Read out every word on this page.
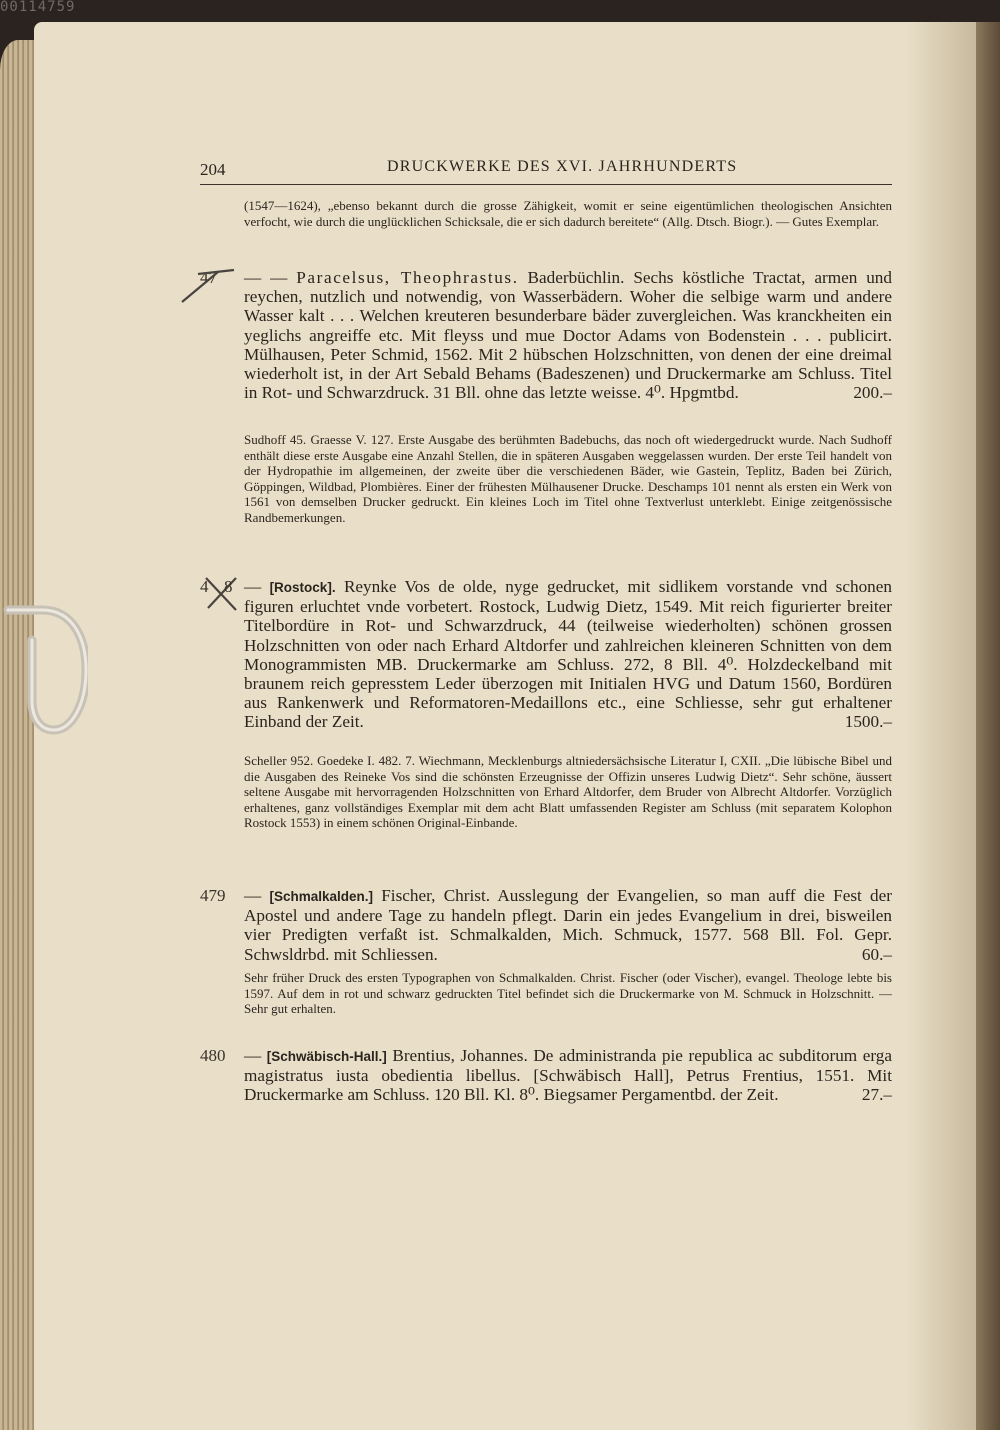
00114759
204	DRUCKWERKE DES XVI. JAHRHUNDERTS
(1547—1624), „ebenso bekannt durch die grosse Zähigkeit, womit er seine eigentümlichen theologischen Ansichten verfocht, wie durch die unglücklichen Schicksale, die er sich dadurch bereitete“ (Allg. Dtsch. Biogr.). — Gutes Exemplar.
47 — — Paracelsus, Theophrastus. Baderbüchlin. Sechs köstliche Tractat, armen und reychen, nutzlich und notwendig, von Wasserbädern. Woher die selbige warm und andere Wasser kalt . . . Welchen kreuteren besunderbare bäder zuvergleichen. Was kranckheiten ein yeglichs angreiffe etc. Mit fleyss und mue Doctor Adams von Bodenstein . . . publicirt. Mülhausen, Peter Schmid, 1562. Mit 2 hübschen Holzschnitten, von denen der eine dreimal wiederholt ist, in der Art Sebald Behams (Badeszenen) und Druckermarke am Schluss. Titel in Rot- und Schwarzdruck. 31 Bll. ohne das letzte weisse. 4⁰. Hpgmtbd.	200.–
Sudhoff 45. Graesse V. 127. Erste Ausgabe des berühmten Badebuchs, das noch oft wiedergedruckt wurde. Nach Sudhoff enthält diese erste Ausgabe eine Anzahl Stellen, die in späteren Ausgaben weggelassen wurden. Der erste Teil handelt von der Hydropathie im allgemeinen, der zweite über die verschiedenen Bäder, wie Gastein, Teplitz, Baden bei Zürich, Göppingen, Wildbad, Plombières. Einer der frühesten Mülhausener Drucke. Deschamps 101 nennt als ersten ein Werk von 1561 von demselben Drucker gedruckt. Ein kleines Loch im Titel ohne Textverlust unterklebt. Einige zeitgenössische Randbemerkungen.
4 8 — [Rostock]. Reynke Vos de olde, nyge gedrucket, mit sidlikem vorstande vnd schonen figuren erluchtet vnde vorbetert. Rostock, Ludwig Dietz, 1549. Mit reich figurierter breiter Titelbordüre in Rot- und Schwarzdruck, 44 (teilweise wiederholten) schönen grossen Holzschnitten von oder nach Erhard Altdorfer und zahlreichen kleineren Schnitten von dem Monogrammisten MB. Druckermarke am Schluss. 272, 8 Bll. 4⁰. Holzdeckelband mit braunem reich gepresstem Leder überzogen mit Initialen HVG und Datum 1560, Bordüren aus Rankenwerk und Reformatoren-Medaillons etc., eine Schliesse, sehr gut erhaltener Einband der Zeit.	1500.–
Scheller 952. Goedeke I. 482. 7. Wiechmann, Mecklenburgs altniedersächsische Literatur I, CXII. „Die lübische Bibel und die Ausgaben des Reineke Vos sind die schönsten Erzeugnisse der Offizin unseres Ludwig Dietz“. Sehr schöne, äussert seltene Ausgabe mit hervorragenden Holzschnitten von Erhard Altdorfer, dem Bruder von Albrecht Altdorfer. Vorzüglich erhaltenes, ganz vollständiges Exemplar mit dem acht Blatt umfassenden Register am Schluss (mit separatem Kolophon Rostock 1553) in einem schönen Original-Einbande.
479 — [Schmalkalden.] Fischer, Christ. Ausslegung der Evangelien, so man auff die Fest der Apostel und andere Tage zu handeln pflegt. Darin ein jedes Evangelium in drei, bisweilen vier Predigten verfaßt ist. Schmalkalden, Mich. Schmuck, 1577. 568 Bll. Fol. Gepr. Schwsldrbd. mit Schliessen.	60.–
Sehr früher Druck des ersten Typographen von Schmalkalden. Christ. Fischer (oder Vischer), evangel. Theologe lebte bis 1597. Auf dem in rot und schwarz gedruckten Titel befindet sich die Druckermarke von M. Schmuck in Holzschnitt. — Sehr gut erhalten.
480 — [Schwäbisch-Hall.] Brentius, Johannes. De administranda pie republica ac subditorum erga magistratus iusta obedientia libellus. [Schwäbisch Hall], Petrus Frentius, 1551. Mit Druckermarke am Schluss. 120 Bll. Kl. 8⁰. Biegsamer Pergamentbd. der Zeit.	27.–
